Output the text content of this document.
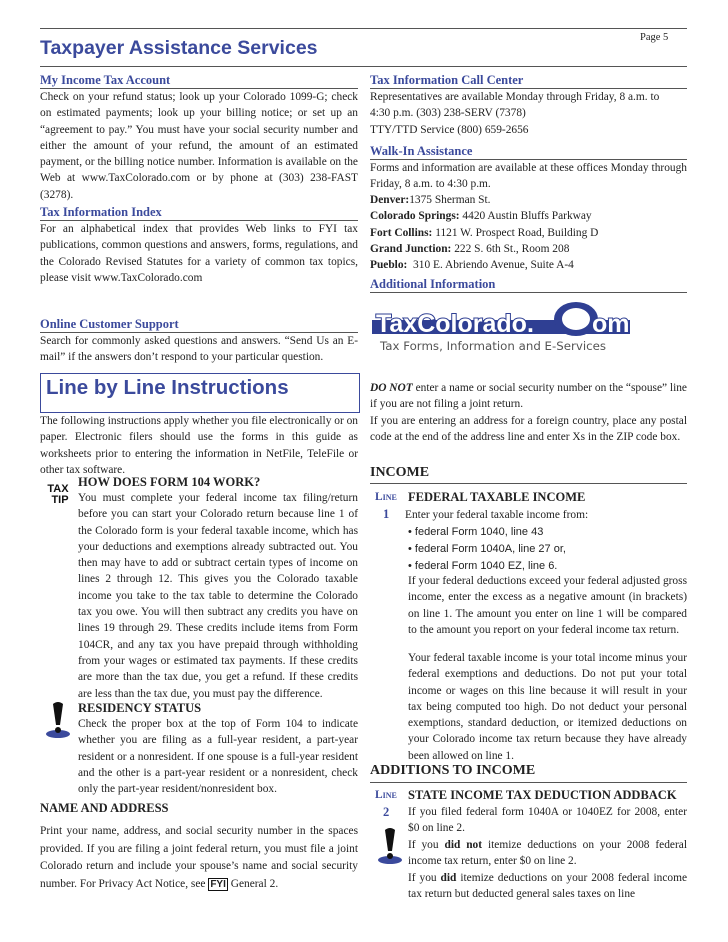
Page 5
Taxpayer Assistance Services
My Income Tax Account

Check on your refund status; look up your Colorado 1099-G; check on estimated payments; look up your billing notice; or set up an “agreement to pay.” You must have your social security number and either the amount of your refund, the amount of an estimated payment, or the billing notice number. Information is available on the Web at www.TaxColorado.com or by phone at (303) 238-FAST (3278).

Tax Information Index

For an alphabetical index that provides Web links to FYI tax publications, common questions and answers, forms, regulations, and the Colorado Revised Statutes for a variety of common tax topics, please visit www.TaxColorado.com

Online Customer Support

Search for commonly asked questions and answers. “Send Us an E-mail” if the answers don’t respond to your particular question.

Tax Information Call Center
Representatives are available Monday through Friday, 8 a.m. to
4:30 p.m. (303) 238-SERV (7378)
TTY/TTD Service (800) 659-2656
Walk-In Assistance

Forms and information are available at these offices Monday through Friday, 8 a.m. to 4:30 p.m.

Denver:1375 Sherman St.
Colorado Springs: 4420 Austin Bluffs Parkway
Fort Collins: 1121 W. Prospect Road, Building D
Grand Junction: 222 S. 6th St., Room 208
Pueblo: 310 E. Abriendo Avenue, Suite A-4
Additional Information
TaxColorado. om
Tax Forms, Information and E-Services
Line by Line Instructions

The following instructions apply whether you file electronically or on paper. Electronic filers should use the forms in this guide as worksheets prior to entering the information in NetFile, TeleFile or other tax software.

TAX
TIP
HOW DOES FORM 104 WORK?

You must complete your federal income tax filing/return before you can start your Colorado return because line 1 of the Colorado form is your federal taxable income, which has your deductions and exemptions already subtracted out. You then may have to add or subtract certain types of income on lines 2 through 12. This gives you the Colorado taxable income you take to the tax table to determine the Colorado tax you owe. You will then subtract any credits you have on lines 19 through 29. These credits include items from Form 104CR, and any tax you have prepaid through withholding from your wages or estimated tax payments. If these credits are more than the tax due, you get a refund. If these credits are less than the tax due, you must pay the difference.

RESIDENCY STATUS

Check the proper box at the top of Form 104 to indicate whether you are filing as a full-year resident, a part-year resident or a nonresident. If one spouse is a full-year resident and the other is a part-year resident or a nonresident, check only the part-year resident/nonresident box.

NAME AND ADDRESS

Print your name, address, and social security number in the spaces provided. If you are filing a joint federal return, you must file a joint Colorado return and include your spouse’s name and social security number. For Privacy Act Notice, see FYI General 2.

DO NOT enter a name or social security number on the “spouse” line if you are not filing a joint return.

If you are entering an address for a foreign country, place any postal code at the end of the address line and enter Xs in the ZIP code box.

INCOME
Line
1
FEDERAL TAXABLE INCOME
Enter your federal taxable income from:
• federal Form 1040, line 43
• federal Form 1040A, line 27 or,
• federal Form 1040 EZ, line 6.

If your federal deductions exceed your federal adjusted gross income, enter the excess as a negative amount (in brackets) on line 1. The amount you enter on line 1 will be compared to the amount you report on your federal income tax return.

Your federal taxable income is your total income minus your federal exemptions and deductions. Do not put your total income or wages on this line because it will result in your tax being computed too high. Do not deduct your personal exemptions, standard deduction, or itemized deductions on your Colorado income tax return because they have already been allowed on line 1.

ADDITIONS TO INCOME
Line
2
STATE INCOME TAX DEDUCTION ADDBACK

If you filed federal form 1040A or 1040EZ for 2008, enter $0 on line 2.

If you did not itemize deductions on your 2008 federal income tax return, enter $0 on line 2.

If you did itemize deductions on your 2008 federal income tax return but deducted general sales taxes on line
